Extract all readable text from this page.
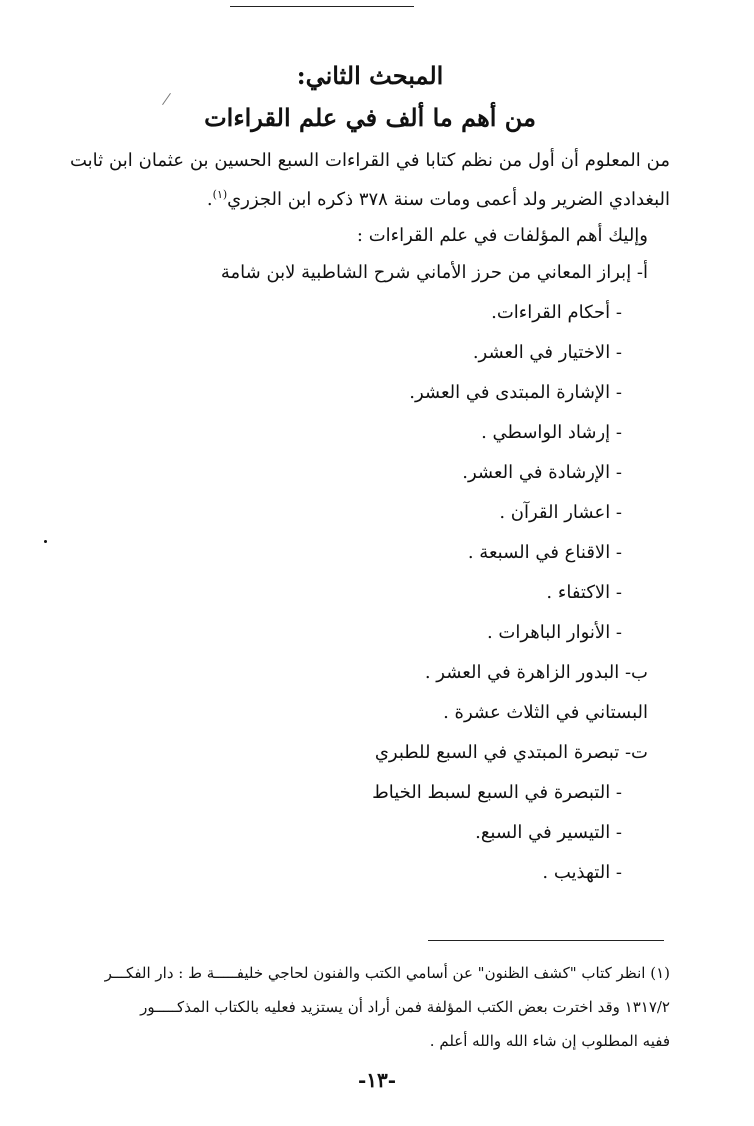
المبحث الثاني:
من أهم ما ألف في علم القراءات

من المعلوم أن أول من نظم كتابا في القراءات السبع الحسين بن عثمان ابن ثابت البغدادي الضرير ولد أعمى ومات سنة ٣٧٨ ذكره ابن الجزري$^{(١)}$.

وإليك أهم المؤلفات في علم القراءات :

أ- إبراز المعاني من حرز الأماني شرح الشاطبية لابن شامة
- أحكام القراءات.
- الاختيار في العشر.
- الإشارة المبتدى في العشر.
- إرشاد الواسطي .
- الإرشادة في العشر.
- اعشار القرآن .
- الاقناع في السبعة .
- الاكتفاء .
- الأنوار الباهرات .
ب- البدور الزاهرة في العشر .
البستاني في الثلاث عشرة .
ت- تبصرة المبتدي في السبع للطبري
- التبصرة في السبع لسبط الخياط
- التيسير في السبع.
- التهذيب .

(١) انظر كتاب "كشف الظنون" عن أسامي الكتب والفنون لحاجي خليفـــــة ط : دار الفكـــر

١٣١٧/٢ وقد اخترت بعض الكتب المؤلفة فمن أراد أن يستزيد فعليه بالكتاب المذكـــــور

ففيه المطلوب إن شاء الله والله أعلم .

-١٣-
